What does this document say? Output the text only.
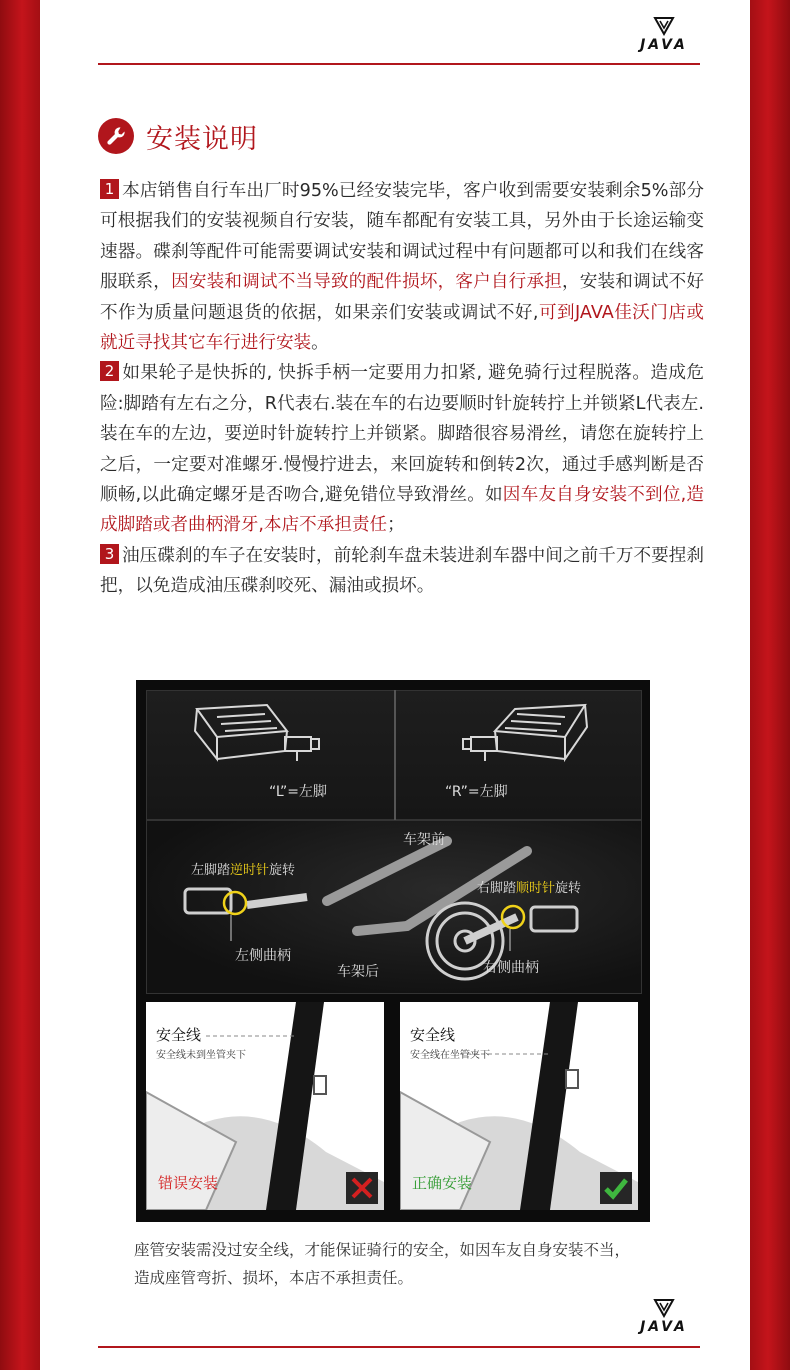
JAVA
安装说明

1 本店销售自行车出厂时95%已经安装完毕，客户收到需要安装剩余5%部分可根据我们的安装视频自行安装，随车都配有安装工具，另外由于长途运输变速器。碟刹等配件可能需要调试安装和调试过程中有问题都可以和我们在线客服联系，因安装和调试不当导致的配件损坏，客户自行承担，安装和调试不好不作为质量问题退货的依据，如果亲们安装或调试不好,可到JAVA佳沃门店或就近寻找其它车行进行安装。

2 如果轮子是快拆的, 快拆手柄一定要用力扣紧, 避免骑行过程脱落。造成危险:脚踏有左右之分，R代表右.装在车的右边要顺时针旋转拧上并锁紧L代表左.装在车的左边，要逆时针旋转拧上并锁紧。脚踏很容易滑丝，请您在旋转拧上之后，一定要对准螺牙.慢慢拧进去，来回旋转和倒转2次，通过手感判断是否顺畅,以此确定螺牙是否吻合,避免错位导致滑丝。如因车友自身安装不到位,造成脚踏或者曲柄滑牙,本店不承担责任；

3 油压碟刹的车子在安装时，前轮刹车盘未装进刹车器中间之前千万不要捏刹把，以免造成油压碟刹咬死、漏油或损坏。

“L”=左脚	“R”=左脚
车架前
车架后
左脚踏逆时针旋转
右脚踏顺时针旋转
左侧曲柄
右侧曲柄
安全线
安全线未到坐管夹下
错误安装
安全线
安全线在坐管夹下
正确安装
座管安装需没过安全线，才能保证骑行的安全，如因车友自身安装不当，造成座管弯折、损坏，本店不承担责任。
JAVA
